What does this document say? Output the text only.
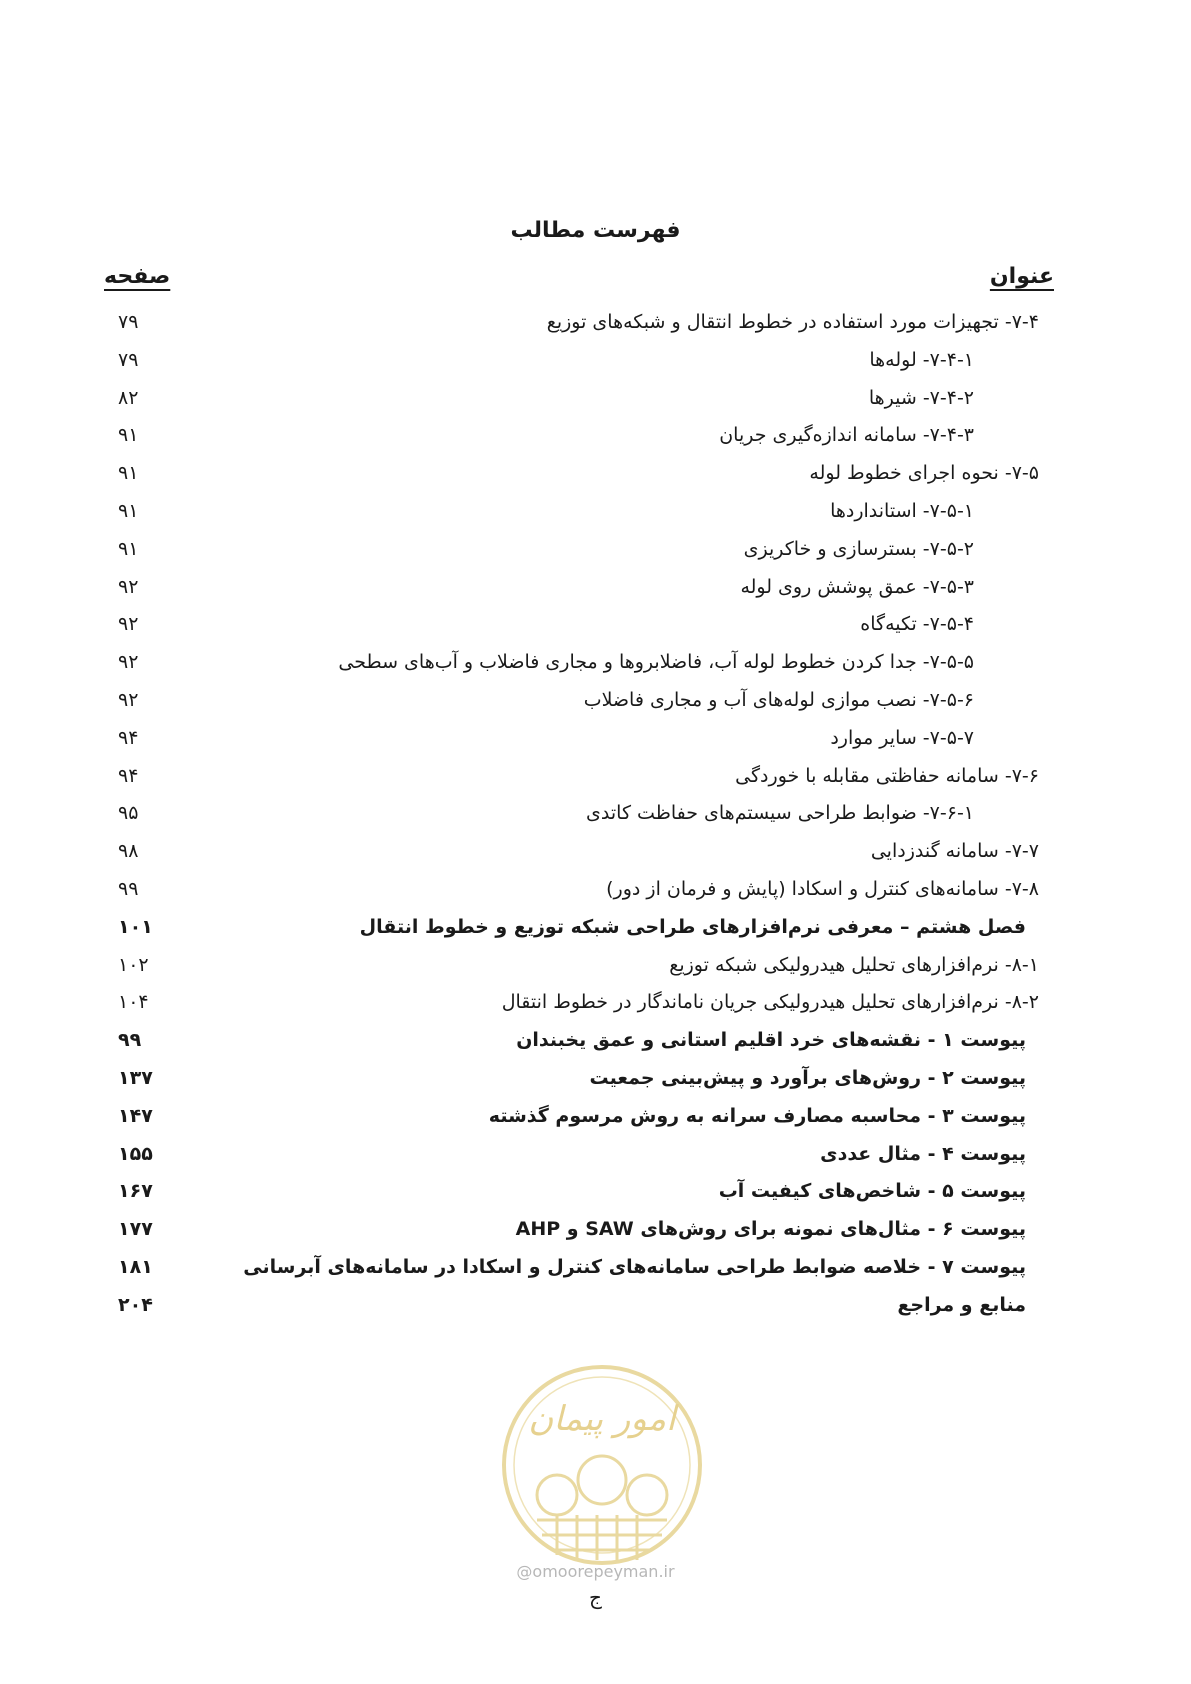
فهرست مطالب
عنوان
صفحه
۷۹	۷-۴- تجهیزات مورد استفاده در خطوط انتقال و شبکه‌های توزیع
۷۹	۷-۴-۱- لوله‌ها
۸۲	۷-۴-۲- شیرها
۹۱	۷-۴-۳- سامانه اندازه‌گیری جریان
۹۱	۷-۵- نحوه اجرای خطوط لوله
۹۱	۷-۵-۱- استانداردها
۹۱	۷-۵-۲- بسترسازی و خاکریزی
۹۲	۷-۵-۳- عمق پوشش روی لوله
۹۲	۷-۵-۴- تکیه‌گاه
۹۲	۷-۵-۵- جدا کردن خطوط لوله آب، فاضلابروها و مجاری فاضلاب و آب‌های سطحی
۹۲	۷-۵-۶- نصب موازی لوله‌های آب و مجاری فاضلاب
۹۴	۷-۵-۷- سایر موارد
۹۴	۷-۶- سامانه حفاظتی مقابله با خوردگی
۹۵	۷-۶-۱- ضوابط طراحی سیستم‌های حفاظت کاتدی
۹۸	۷-۷- سامانه گندزدایی
۹۹	۷-۸- سامانه‌های کنترل و اسکادا (پایش و فرمان از دور)
۱۰۱	فصل هشتم – معرفی نرم‌افزارهای طراحی شبکه توزیع و خطوط انتقال
۱۰۲	۸-۱- نرم‌افزارهای تحلیل هیدرولیکی شبکه توزیع
۱۰۴	۸-۲- نرم‌افزارهای تحلیل هیدرولیکی جریان ناماندگار در خطوط انتقال
۹۹	پیوست ۱ - نقشه‌های خرد اقلیم استانی و عمق یخبندان
۱۳۷	پیوست ۲ - روش‌های برآورد و پیش‌بینی جمعیت
۱۴۷	پیوست ۳ - محاسبه مصارف سرانه به روش مرسوم گذشته
۱۵۵	پیوست ۴ - مثال عددی
۱۶۷	پیوست ۵ - شاخص‌های کیفیت آب
۱۷۷	پیوست ۶ - مثال‌های نمونه برای روش‌های SAW و AHP
۱۸۱	پیوست ۷ - خلاصه ضوابط طراحی سامانه‌های کنترل و اسکادا در سامانه‌های آبرسانی
۲۰۴	منابع و مراجع
امور پیمان
@omoorepeyman.ir
ج
